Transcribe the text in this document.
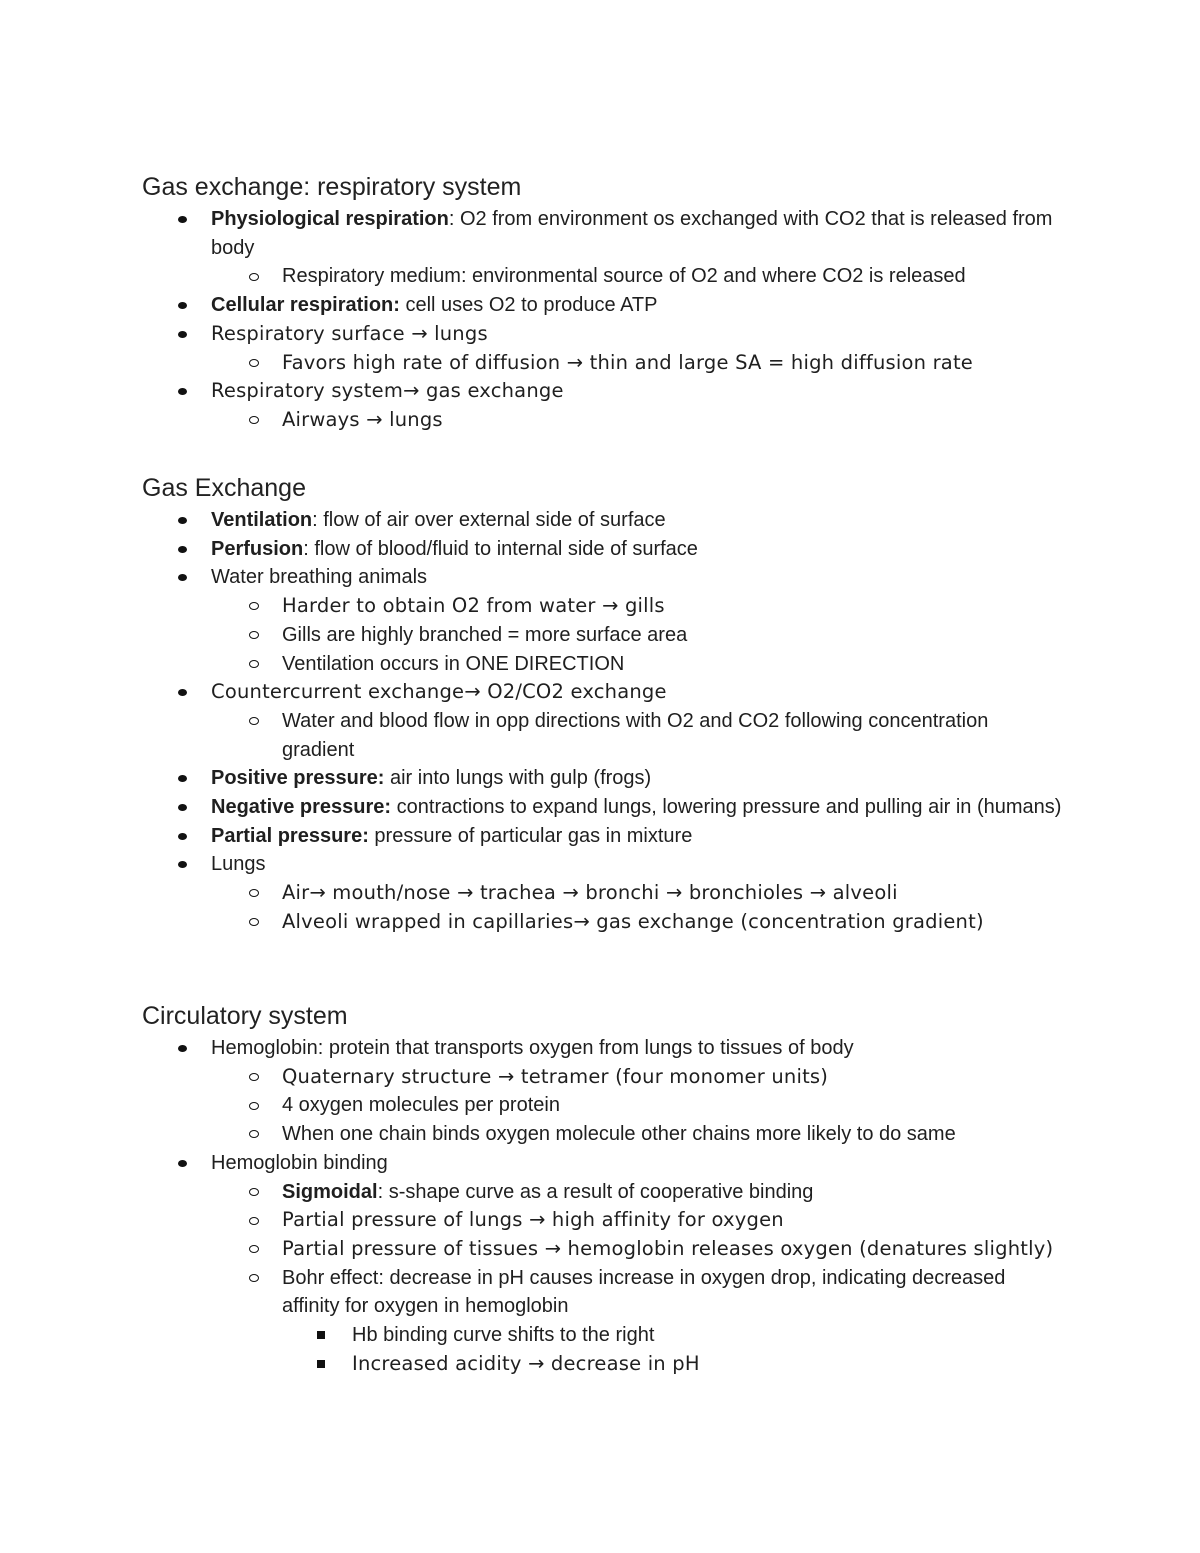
Gas exchange: respiratory system
Physiological respiration: O2 from environment os exchanged with CO2 that is released from body
Respiratory medium: environmental source of O2 and where CO2 is released
Cellular respiration: cell uses O2 to produce ATP
Respiratory surface → lungs
Favors high rate of diffusion → thin and large SA = high diffusion rate
Respiratory system→ gas exchange
Airways → lungs
Gas Exchange
Ventilation: flow of air over external side of surface
Perfusion: flow of blood/fluid to internal side of surface
Water breathing animals
Harder to obtain O2 from water → gills
Gills are highly branched = more surface area
Ventilation occurs in ONE DIRECTION
Countercurrent exchange→ O2/CO2 exchange
Water and blood flow in opp directions with O2 and CO2 following concentration gradient
Positive pressure: air into lungs with gulp (frogs)
Negative pressure: contractions to expand lungs, lowering pressure and pulling air in (humans)
Partial pressure: pressure of particular gas in mixture
Lungs
Air→ mouth/nose → trachea → bronchi → bronchioles → alveoli
Alveoli wrapped in capillaries→ gas exchange (concentration gradient)
Circulatory system
Hemoglobin: protein that transports oxygen from lungs to tissues of body
Quaternary structure → tetramer (four monomer units)
4 oxygen molecules per protein
When one chain binds oxygen molecule other chains more likely to do same
Hemoglobin binding
Sigmoidal: s-shape curve as a result of cooperative binding
Partial pressure of lungs → high affinity for oxygen
Partial pressure of tissues → hemoglobin releases oxygen (denatures slightly)
Bohr effect: decrease in pH causes increase in oxygen drop, indicating decreased affinity for oxygen in hemoglobin
Hb binding curve shifts to the right
Increased acidity → decrease in pH
